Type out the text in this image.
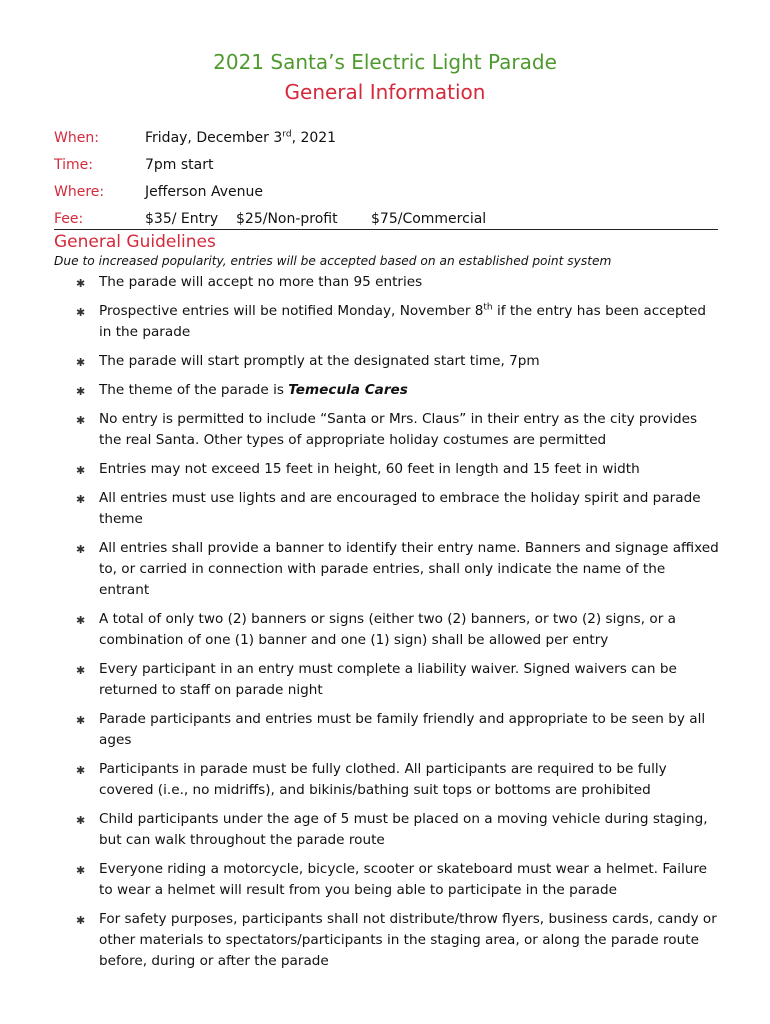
2021 Santa’s Electric Light Parade
General Information
When:	Friday, December 3rd, 2021
Time:	7pm start
Where:	Jefferson Avenue
Fee:	$35/ Entry $25/Non-profit $75/Commercial
General Guidelines
Due to increased popularity, entries will be accepted based on an established point system
✱ The parade will accept no more than 95 entries
✱ Prospective entries will be notified Monday, November 8th if the entry has been accepted in the parade
✱ The parade will start promptly at the designated start time, 7pm
✱ The theme of the parade is Temecula Cares
✱ No entry is permitted to include “Santa or Mrs. Claus” in their entry as the city provides the real Santa. Other types of appropriate holiday costumes are permitted
✱ Entries may not exceed 15 feet in height, 60 feet in length and 15 feet in width
✱ All entries must use lights and are encouraged to embrace the holiday spirit and parade theme
✱ All entries shall provide a banner to identify their entry name. Banners and signage affixed to, or carried in connection with parade entries, shall only indicate the name of the entrant
✱ A total of only two (2) banners or signs (either two (2) banners, or two (2) signs, or a combination of one (1) banner and one (1) sign) shall be allowed per entry
✱ Every participant in an entry must complete a liability waiver. Signed waivers can be returned to staff on parade night
✱ Parade participants and entries must be family friendly and appropriate to be seen by all ages
✱ Participants in parade must be fully clothed. All participants are required to be fully covered (i.e., no midriffs), and bikinis/bathing suit tops or bottoms are prohibited
✱ Child participants under the age of 5 must be placed on a moving vehicle during staging, but can walk throughout the parade route
✱ Everyone riding a motorcycle, bicycle, scooter or skateboard must wear a helmet. Failure to wear a helmet will result from you being able to participate in the parade
✱ For safety purposes, participants shall not distribute/throw flyers, business cards, candy or other materials to spectators/participants in the staging area, or along the parade route before, during or after the parade
